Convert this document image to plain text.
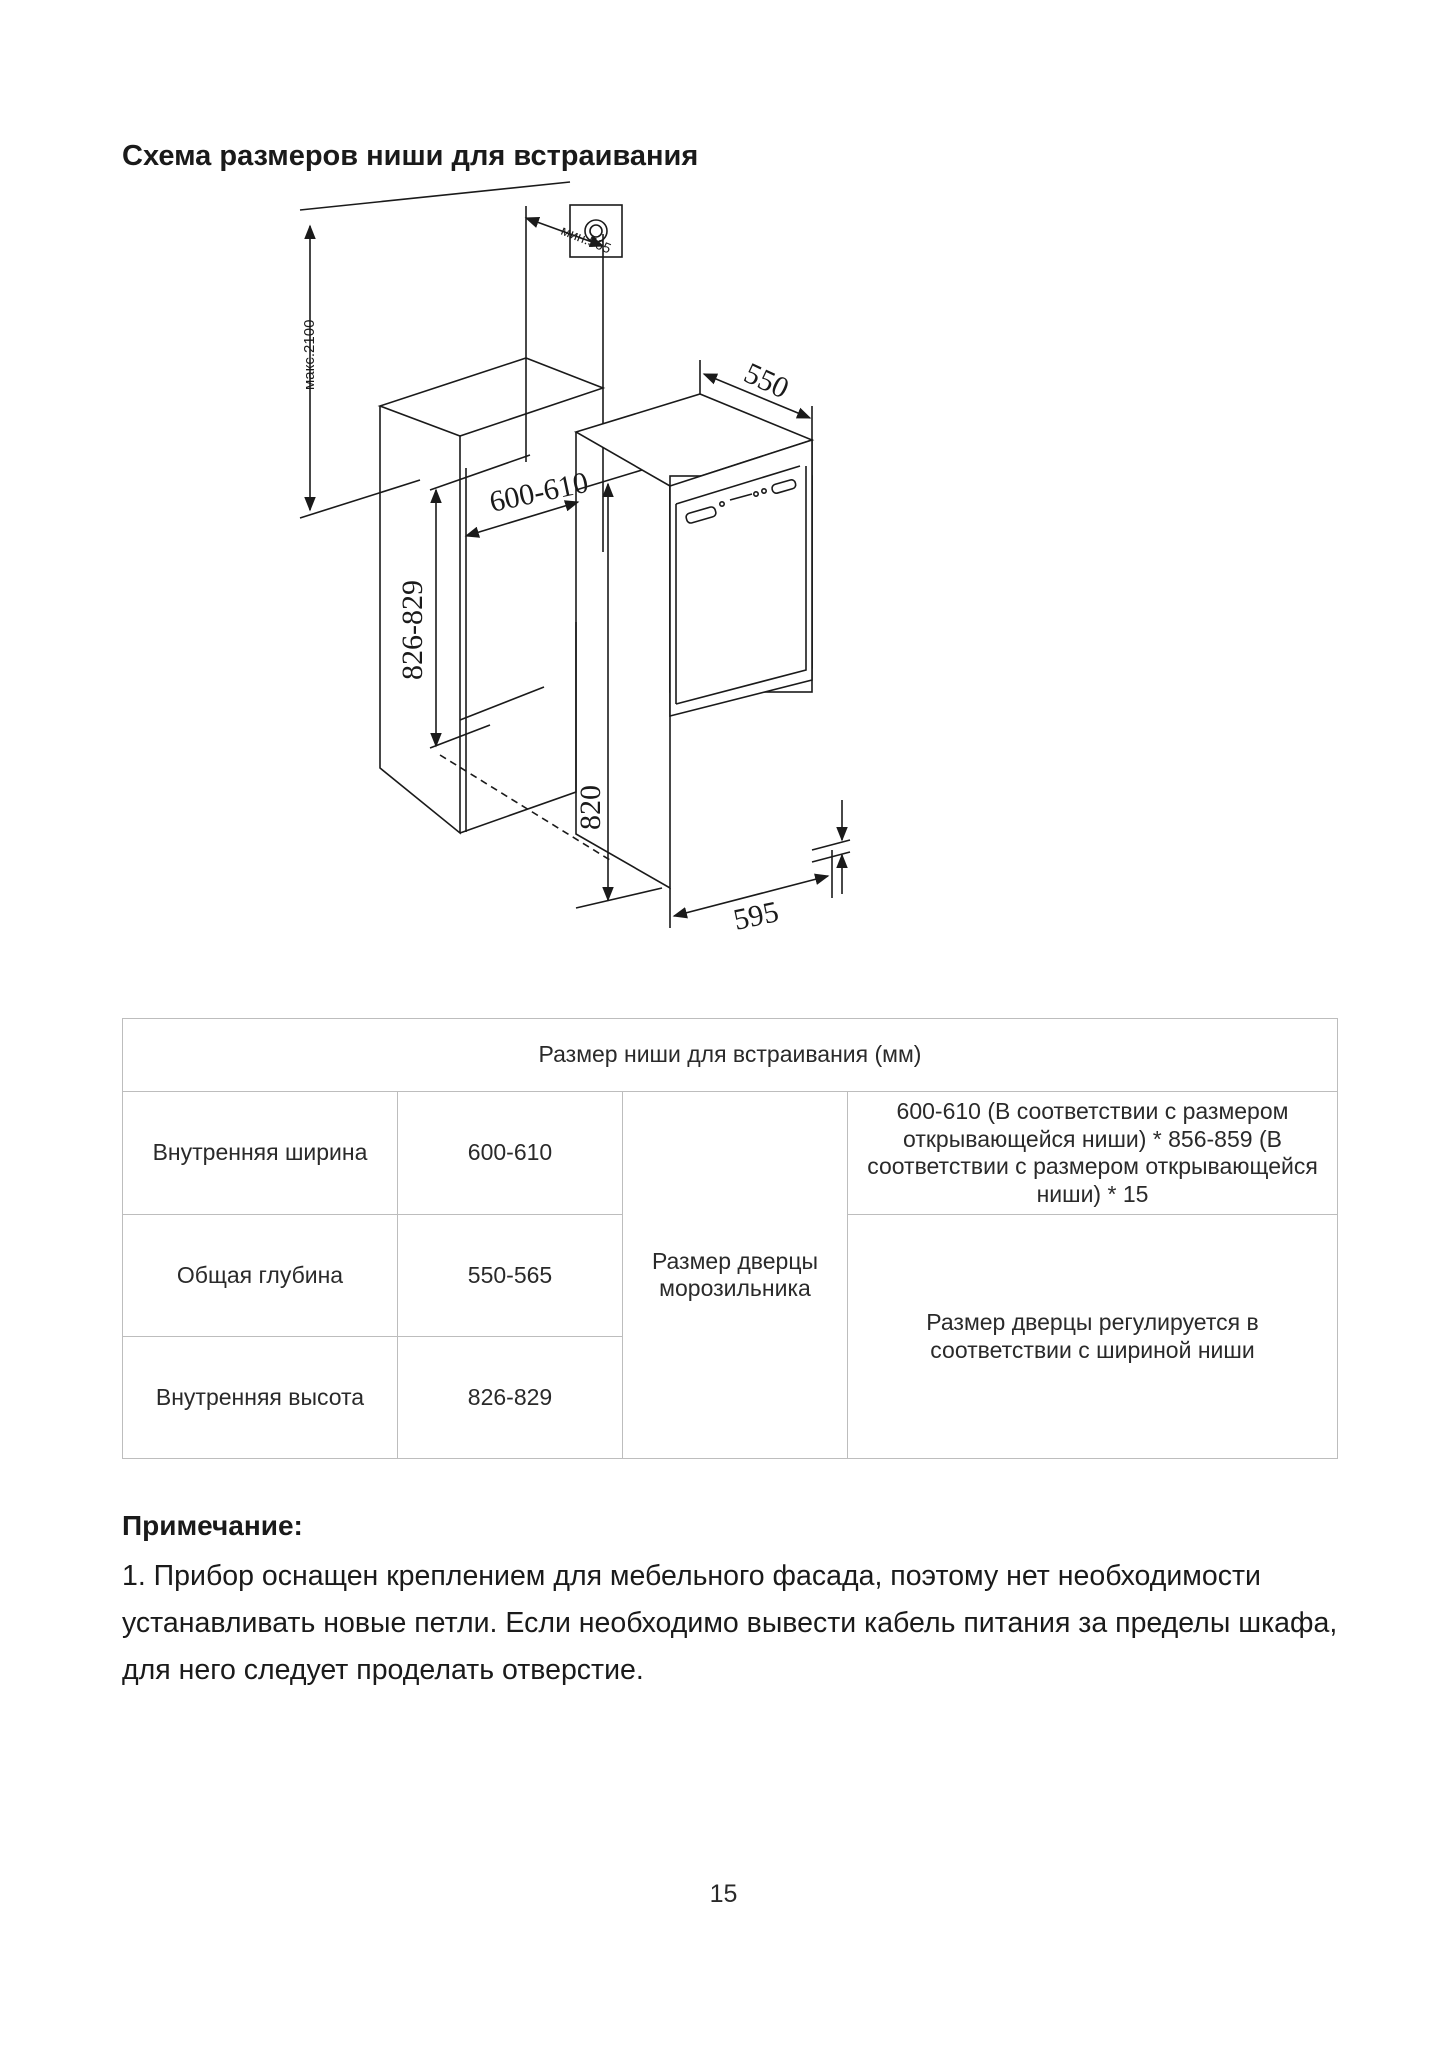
Схема размеров ниши для встраивания
мин.565
макс.2100
600-610
826-829
550
820
595
Размер ниши для встраивания (мм)			
Внутренняя ширина	600-610	Размер дверцы морозильника	600-610 (В соответствии с размером открывающейся ниши) * 856-859 (В соответствии с размером открывающейся ниши) * 15
Общая глубина	550-565		Размер дверцы регулируется в соответствии с шириной ниши
Внутренняя высота	826-829		
Примечание:

1. Прибор оснащен креплением для мебельного фасада, поэтому нет необходимости устанавливать новые петли. Если необходимо вывести кабель питания за пределы шкафа, для него следует проделать отверстие.

15
